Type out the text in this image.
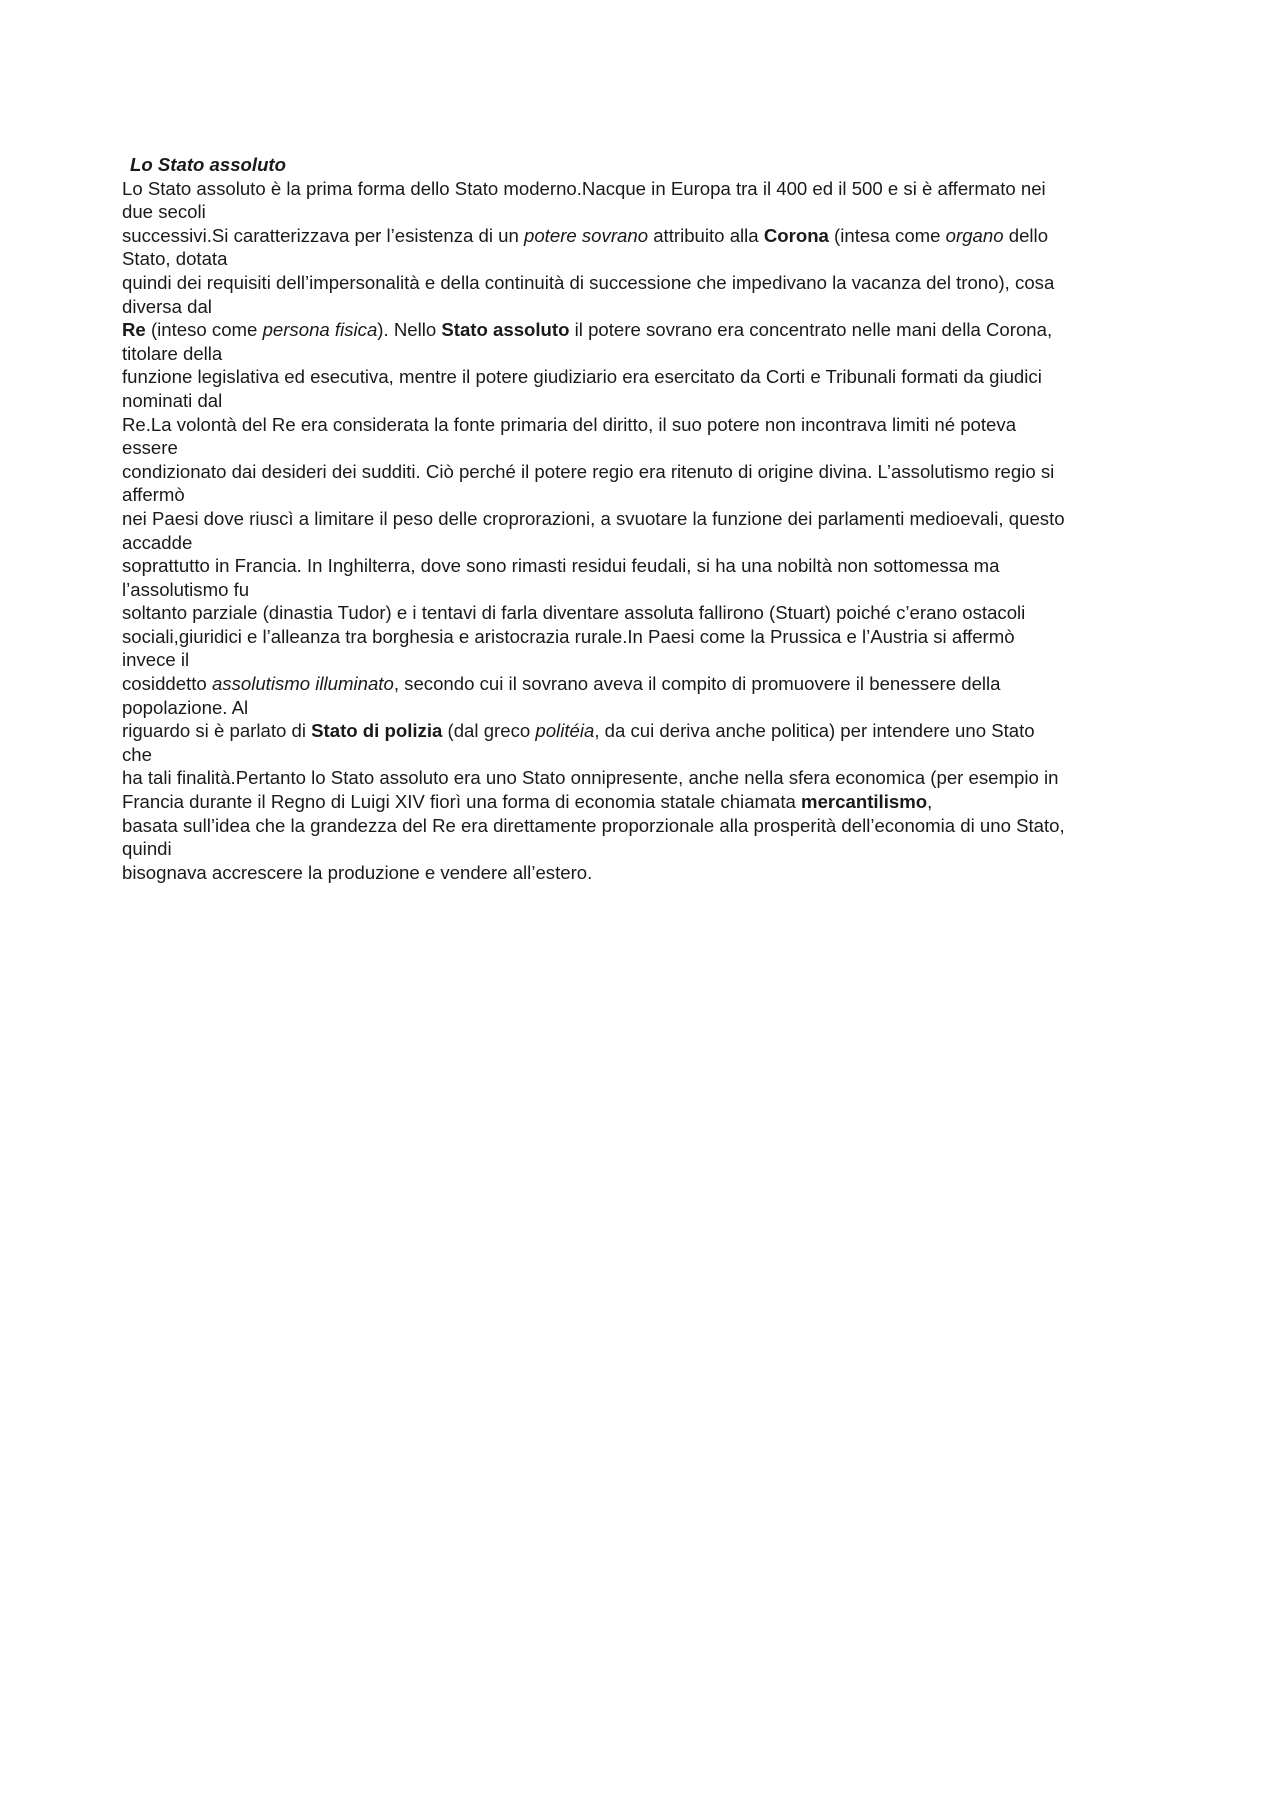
Lo Stato assoluto
Lo Stato assoluto è la prima forma dello Stato moderno.Nacque in Europa tra il 400 ed il 500 e si è affermato nei
due secoli
successivi.Si caratterizzava per l’esistenza di un potere sovrano attribuito alla Corona (intesa come organo dello
Stato, dotata
quindi dei requisiti dell’impersonalità e della continuità di successione che impedivano la vacanza del trono), cosa
diversa dal
Re (inteso come persona fisica). Nello Stato assoluto il potere sovrano era concentrato nelle mani della Corona,
titolare della
funzione legislativa ed esecutiva, mentre il potere giudiziario era esercitato da Corti e Tribunali formati da giudici
nominati dal
Re.La volontà del Re era considerata la fonte primaria del diritto, il suo potere non incontrava limiti né poteva
essere
condizionato dai desideri dei sudditi. Ciò perché il potere regio era ritenuto di origine divina. L’assolutismo regio si
affermò
nei Paesi dove riuscì a limitare il peso delle croprorazioni, a svuotare la funzione dei parlamenti medioevali, questo
accadde
soprattutto in Francia. In Inghilterra, dove sono rimasti residui feudali, si ha una nobiltà non sottomessa ma
l’assolutismo fu
soltanto parziale (dinastia Tudor) e i tentavi di farla diventare assoluta fallirono (Stuart) poiché c’erano ostacoli
sociali,giuridici e l’alleanza tra borghesia e aristocrazia rurale.In Paesi come la Prussica e l’Austria si affermò
invece il
cosiddetto assolutismo illuminato, secondo cui il sovrano aveva il compito di promuovere il benessere della
popolazione. Al
riguardo si è parlato di Stato di polizia (dal greco politéia, da cui deriva anche politica) per intendere uno Stato
che
ha tali finalità.Pertanto lo Stato assoluto era uno Stato onnipresente, anche nella sfera economica (per esempio in
Francia durante il Regno di Luigi XIV fiorì una forma di economia statale chiamata mercantilismo,
basata sull’idea che la grandezza del Re era direttamente proporzionale alla prosperità dell’economia di uno Stato,
quindi
bisognava accrescere la produzione e vendere all’estero.
